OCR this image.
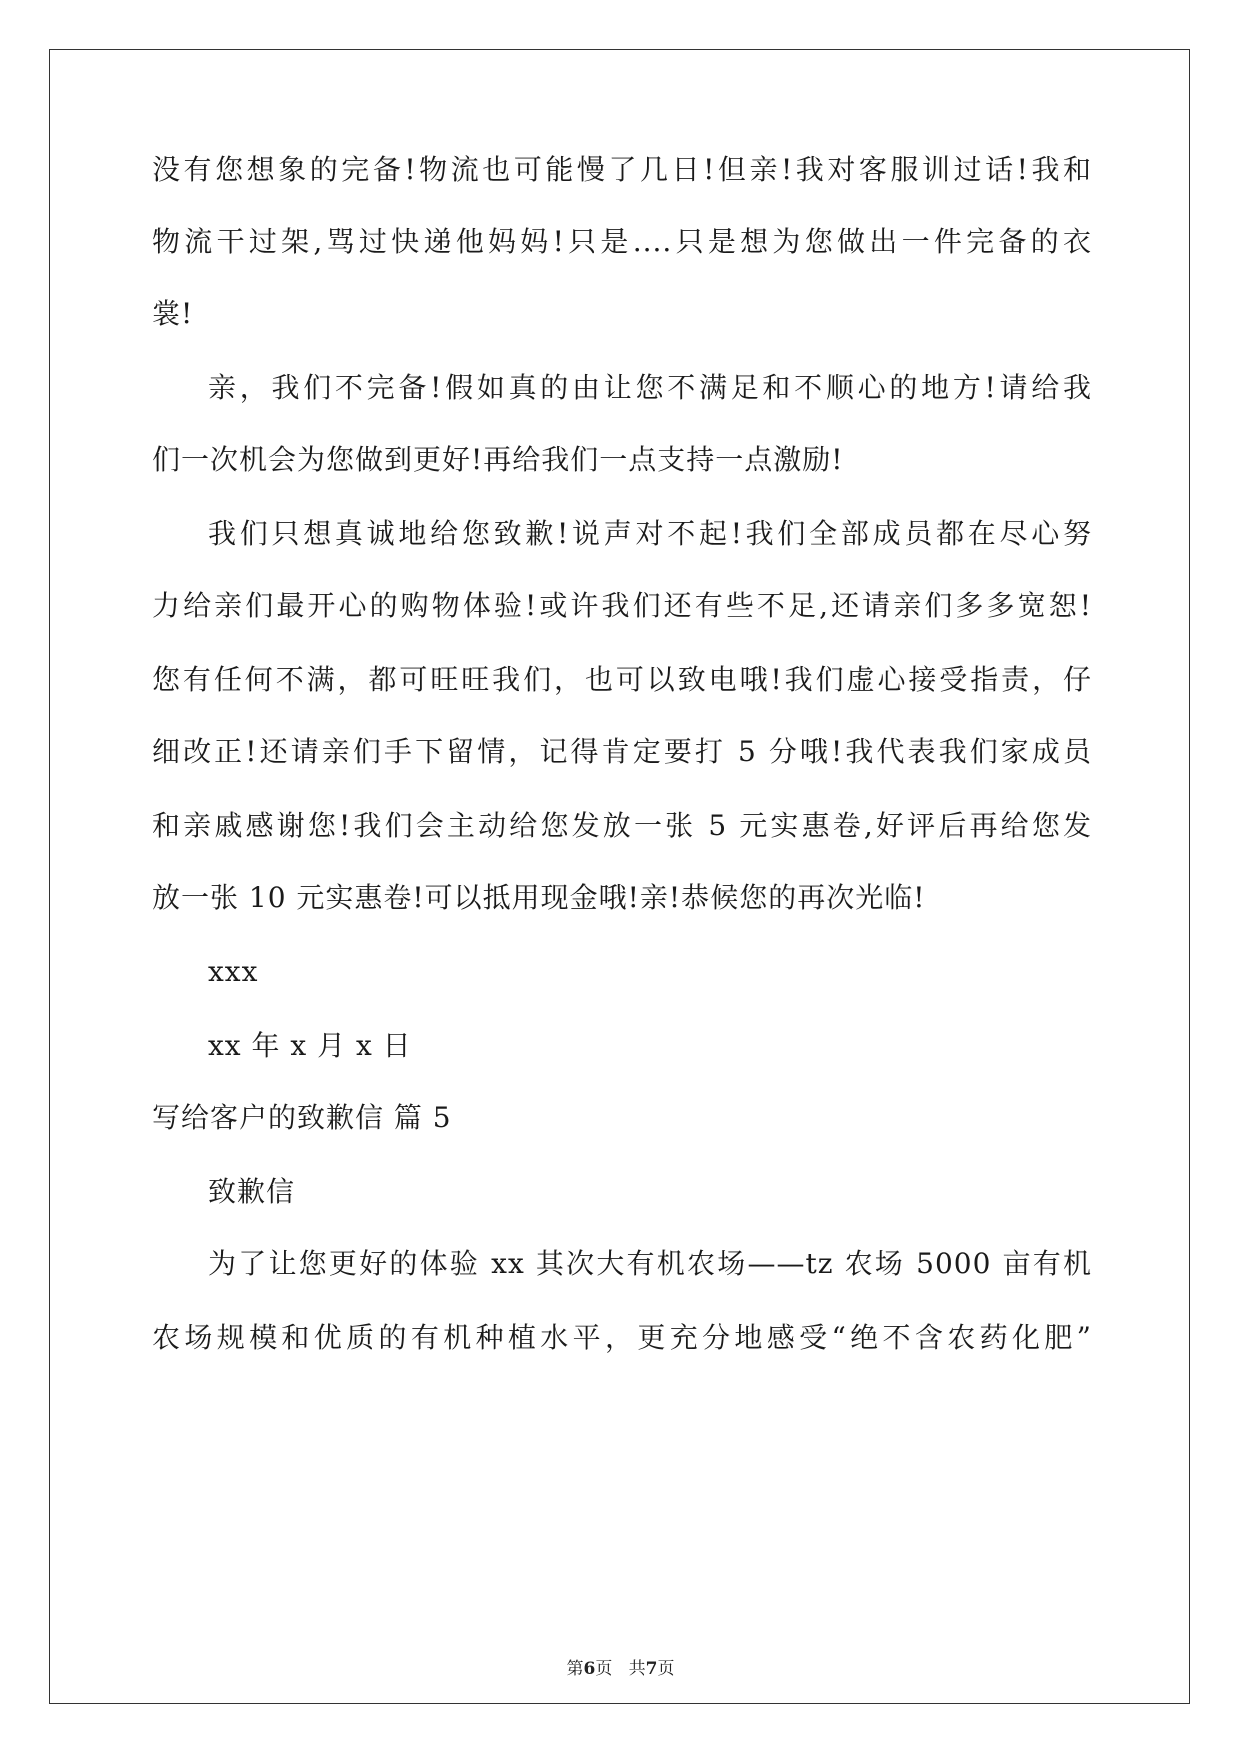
没有您想象的完备!物流也可能慢了几日!但亲!我对客服训过话!我和
物流干过架,骂过快递他妈妈!只是....只是想为您做出一件完备的衣
裳!
亲，我们不完备!假如真的由让您不满足和不顺心的地方!请给我
们一次机会为您做到更好!再给我们一点支持一点激励!
我们只想真诚地给您致歉!说声对不起!我们全部成员都在尽心努
力给亲们最开心的购物体验!或许我们还有些不足,还请亲们多多宽恕!
您有任何不满，都可旺旺我们，也可以致电哦!我们虚心接受指责，仔
细改正!还请亲们手下留情，记得肯定要打 5 分哦!我代表我们家成员
和亲戚感谢您!我们会主动给您发放一张 5 元实惠卷,好评后再给您发
放一张 10 元实惠卷!可以抵用现金哦!亲!恭候您的再次光临!
xxx
xx 年 x 月 x 日
写给客户的致歉信 篇 5
致歉信
为了让您更好的体验 xx 其次大有机农场——tz 农场 5000 亩有机
农场规模和优质的有机种植水平，更充分地感受“绝不含农药化肥”
第6页 共7页
